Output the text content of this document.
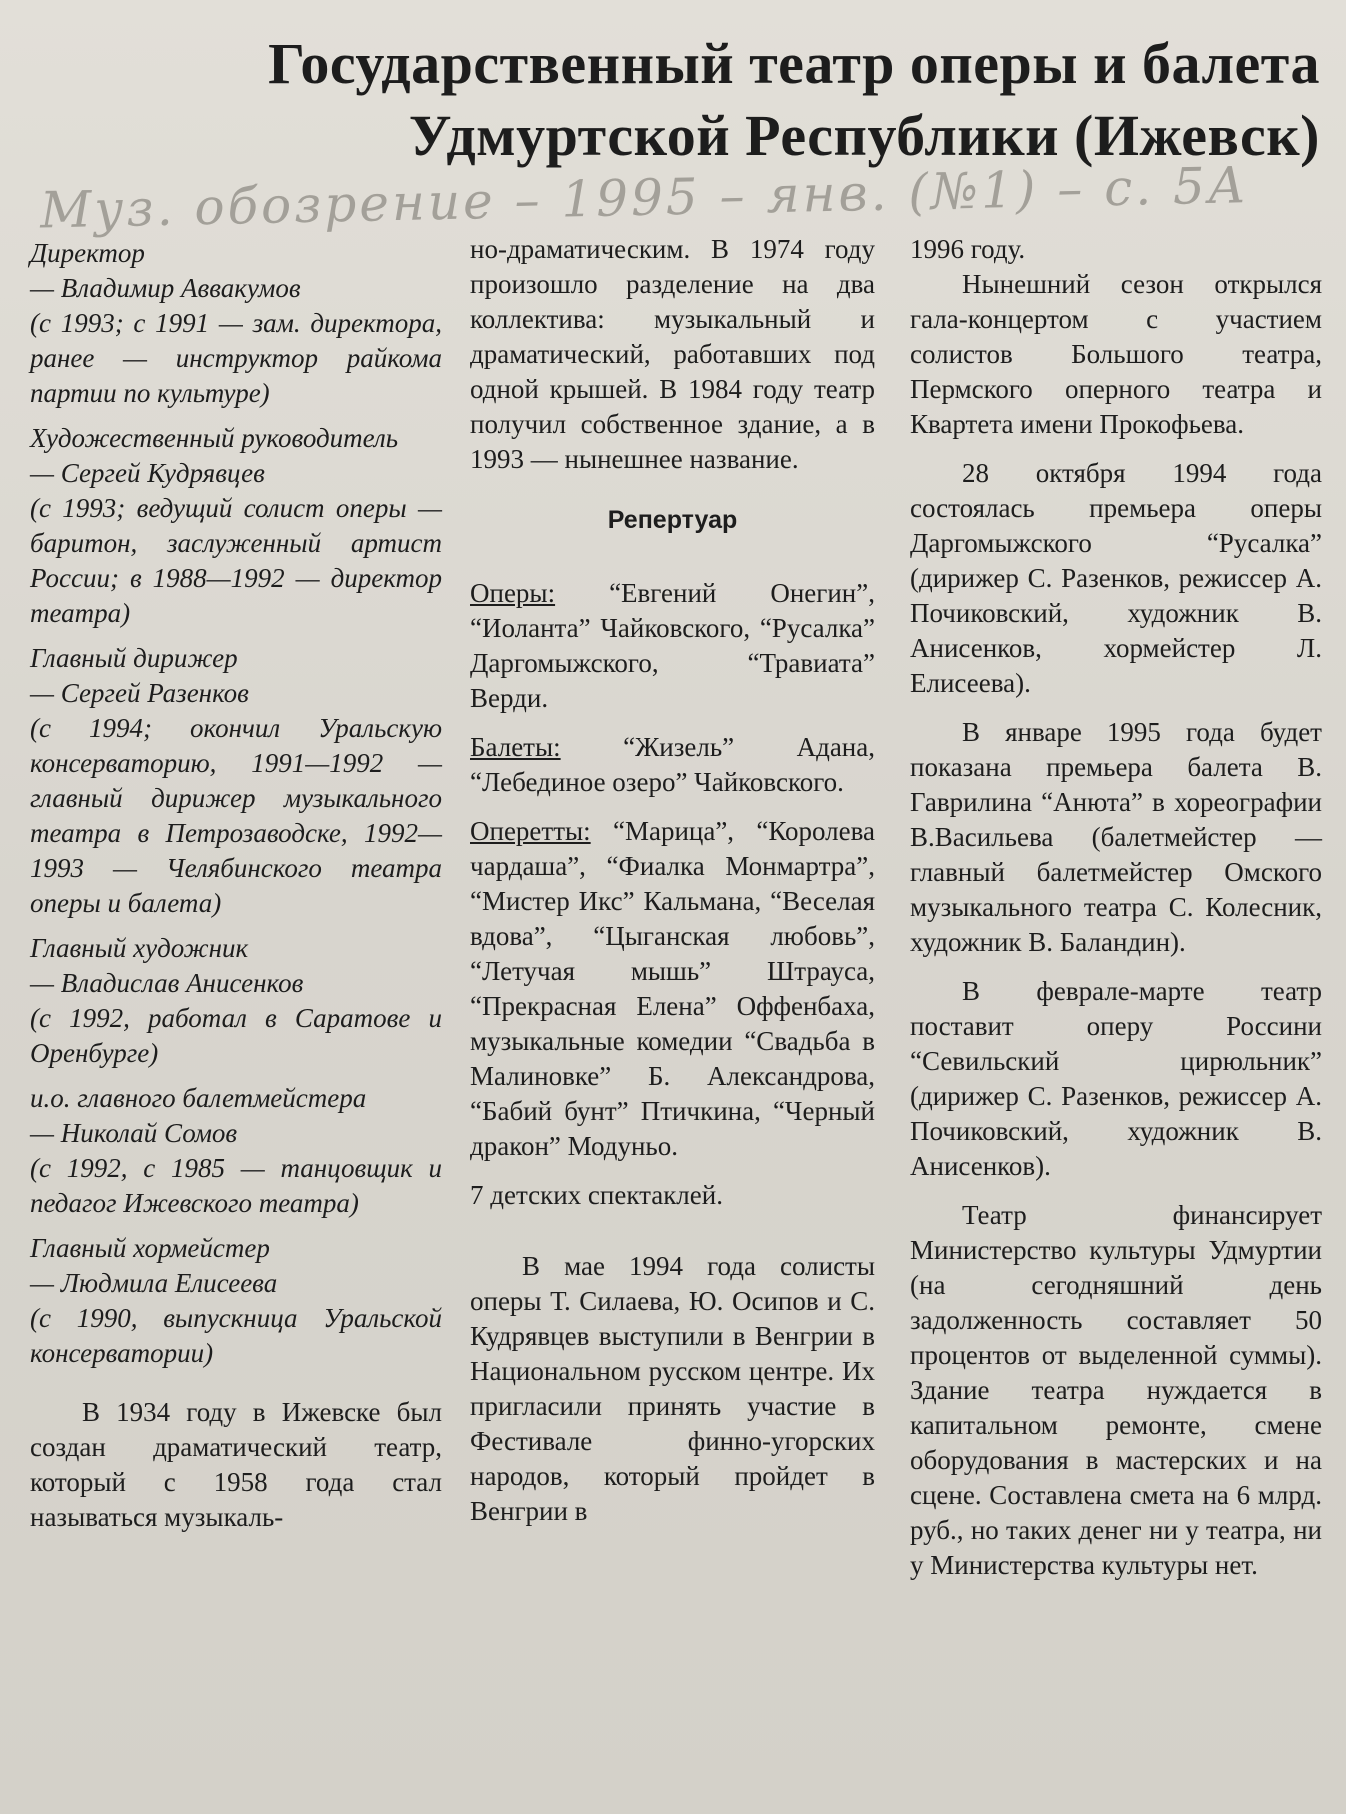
Государственный театр оперы и балета
Удмуртской Республики (Ижевск)
Муз. обозрение – 1995 – янв. (№1) – с. 5А

Директор

— Владимир Аввакумов

(с 1993; с 1991 — зам. директора, ранее — инструктор райкома партии по культуре)

Художественный руководитель

— Сергей Кудрявцев

(с 1993; ведущий солист оперы — баритон, заслуженный артист России; в 1988—1992 — директор театра)

Главный дирижер

— Сергей Разенков

(с 1994; окончил Уральскую консерваторию, 1991—1992 — главный дирижер музыкального театра в Петрозаводске, 1992—1993 — Челябинского театра оперы и балета)

Главный художник

— Владислав Анисенков

(с 1992, работал в Саратове и Оренбурге)

и.о. главного балетмейстера

— Николай Сомов

(с 1992, с 1985 — танцовщик и педагог Ижевского театра)

Главный хормейстер

— Людмила Елисеева

(с 1990, выпускница Уральской консерватории)

В 1934 году в Ижевске был создан драматический театр, который с 1958 года стал называться музыкаль-

но-драматическим. В 1974 году произошло разделение на два коллектива: музыкальный и драматический, работавших под одной крышей. В 1984 году театр получил собственное здание, а в 1993 — нынешнее название.

Репертуар

Оперы: “Евгений Онегин”, “Иоланта” Чайковского, “Русалка” Даргомыжского, “Травиата” Верди.

Балеты: “Жизель” Адана, “Лебединое озеро” Чайковского.

Оперетты: “Марица”, “Королева чардаша”, “Фиалка Монмартра”, “Мистер Икс” Кальмана, “Веселая вдова”, “Цыганская любовь”, “Летучая мышь” Штрауса, “Прекрасная Елена” Оффенбаха, музыкальные комедии “Свадьба в Малиновке” Б. Александрова, “Бабий бунт” Птичкина, “Черный дракон” Модуньо.

7 детских спектаклей.

В мае 1994 года солисты оперы Т. Силаева, Ю. Осипов и С. Кудрявцев выступили в Венгрии в Национальном русском центре. Их пригласили принять участие в Фестивале финно-угорских народов, который пройдет в Венгрии в

1996 году.

Нынешний сезон открылся гала-концертом с участием солистов Большого театра, Пермского оперного театра и Квартета имени Прокофьева.

28 октября 1994 года состоялась премьера оперы Даргомыжского “Русалка” (дирижер С. Разенков, режиссер А. Почиковский, художник В. Анисенков, хормейстер Л. Елисеева).

В январе 1995 года будет показана премьера балета В. Гаврилина “Анюта” в хореографии В.Васильева (балетмейстер — главный балетмейстер Омского музыкального театра С. Колесник, художник В. Баландин).

В феврале-марте театр поставит оперу Россини “Севильский цирюльник” (дирижер С. Разенков, режиссер А. Почиковский, художник В. Анисенков).

Театр финансирует Министерство культуры Удмуртии (на сегодняшний день задолженность составляет 50 процентов от выделенной суммы). Здание театра нуждается в капитальном ремонте, смене оборудования в мастерских и на сцене. Составлена смета на 6 млрд. руб., но таких денег ни у театра, ни у Министерства культуры нет.
